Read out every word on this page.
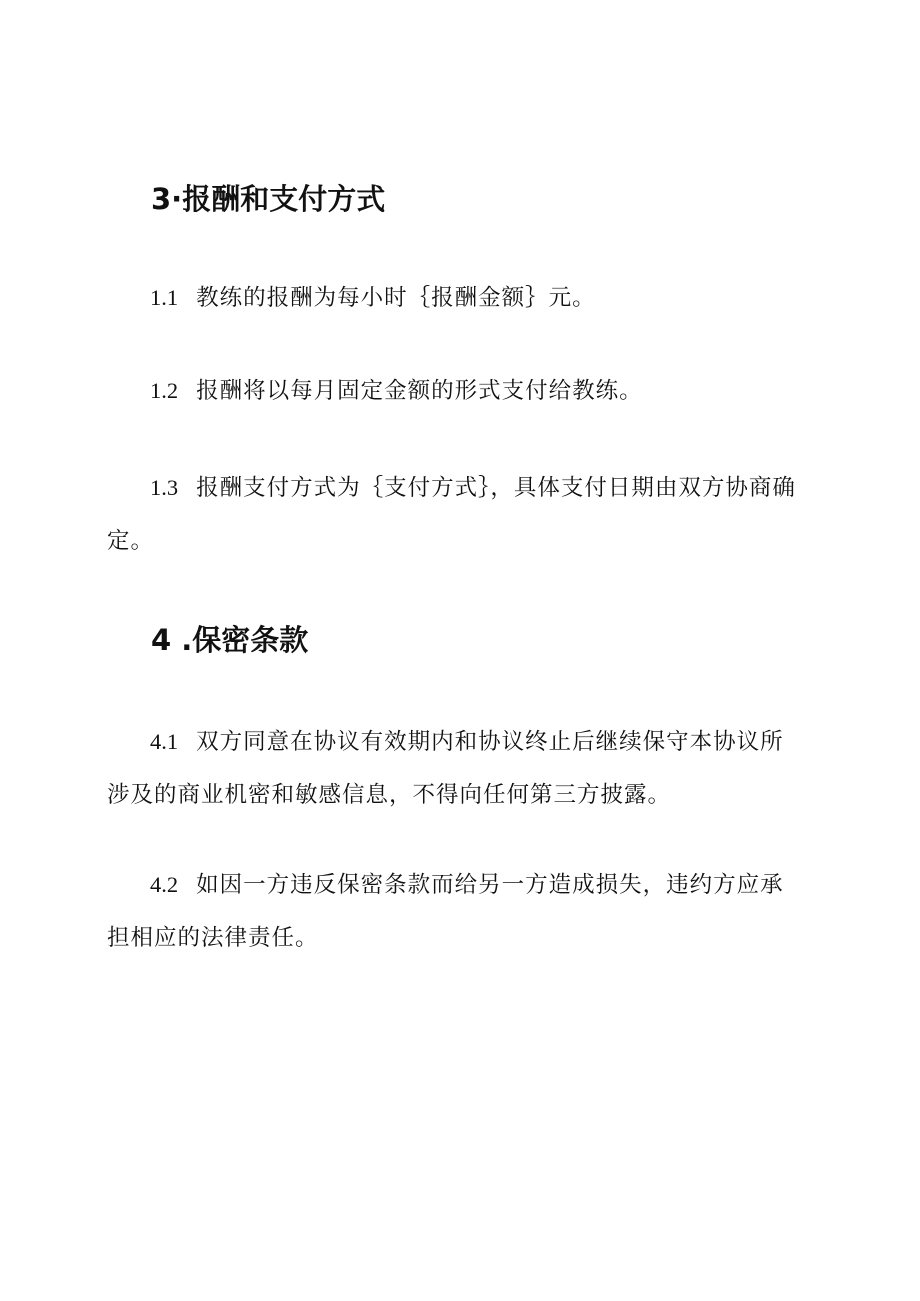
3·报酬和支付方式

1.1 教练的报酬为每小时｛报酬金额｝元。

1.2 报酬将以每月固定金额的形式支付给教练。

1.3 报酬支付方式为｛支付方式｝，具体支付日期由双方协商确定。

4 .保密条款

4.1 双方同意在协议有效期内和协议终止后继续保守本协议所涉及的商业机密和敏感信息，不得向任何第三方披露。

4.2 如因一方违反保密条款而给另一方造成损失，违约方应承担相应的法律责任。
